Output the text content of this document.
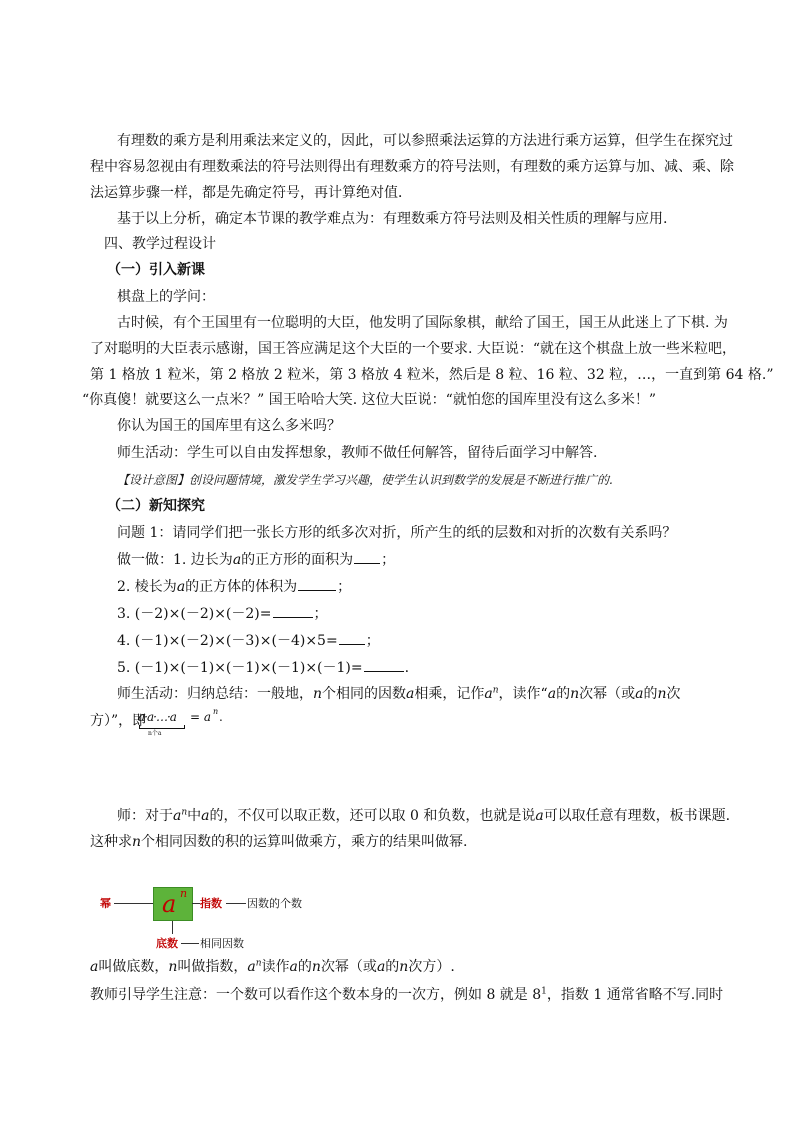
有理数的乘方是利用乘法来定义的，因此，可以参照乘法运算的方法进行乘方运算，但学生在探究过
程中容易忽视由有理数乘法的符号法则得出有理数乘方的符号法则，有理数的乘方运算与加、减、乘、除
法运算步骤一样，都是先确定符号，再计算绝对值．
基于以上分析，确定本节课的教学难点为：有理数乘方符号法则及相关性质的理解与应用.
四、教学过程设计
（一）引入新课
棋盘上的学问：
古时候，有个王国里有一位聪明的大臣，他发明了国际象棋，献给了国王，国王从此迷上了下棋. 为
了对聪明的大臣表示感谢，国王答应满足这个大臣的一个要求. 大臣说：“就在这个棋盘上放一些米粒吧，
第 1 格放 1 粒米，第 2 格放 2 粒米，第 3 格放 4 粒米，然后是 8 粒、16 粒、32 粒，…，一直到第 64 格.”
“你真傻！就要这么一点米？” 国王哈哈大笑. 这位大臣说：“就怕您的国库里没有这么多米！”
你认为国王的国库里有这么多米吗？
师生活动：学生可以自由发挥想象，教师不做任何解答，留待后面学习中解答.
【设计意图】创设问题情境，激发学生学习兴趣，使学生认识到数学的发展是不断进行推广的.
（二）新知探究
问题 1：请同学们把一张长方形的纸多次对折，所产生的纸的层数和对折的次数有关系吗？
做一做：1. 边长为a的正方形的面积为 ；
2. 棱长为a的正方体的体积为	；
3. (－2)×(－2)×(－2)=	；
4. (－1)×(－2)×(－3)×(－4)×5= ；
5. (－1)×(－1)×(－1)×(－1)×(－1)=	.
师生活动：归纳总结：一般地，n个相同的因数a相乘，记作$a^n$，读作“a的n次幂（或a的n次
方）”，即
a·a·…·a
n个a
= a n .
师：对于$a^n$中a的，不仅可以取正数，还可以取 0 和负数，也就是说a可以取任意有理数，板书课题.
这种求n个相同因数的积的运算叫做乘方，乘方的结果叫做幂.
幂 a n
指数 因数的个数
底数 相同因数
a叫做底数，n叫做指数，$a^n$读作a的n次幂（或a的n次方）.
教师引导学生注意：一个数可以看作这个数本身的一次方，例如 8 就是 $8^1$，指数 1 通常省略不写.同时
